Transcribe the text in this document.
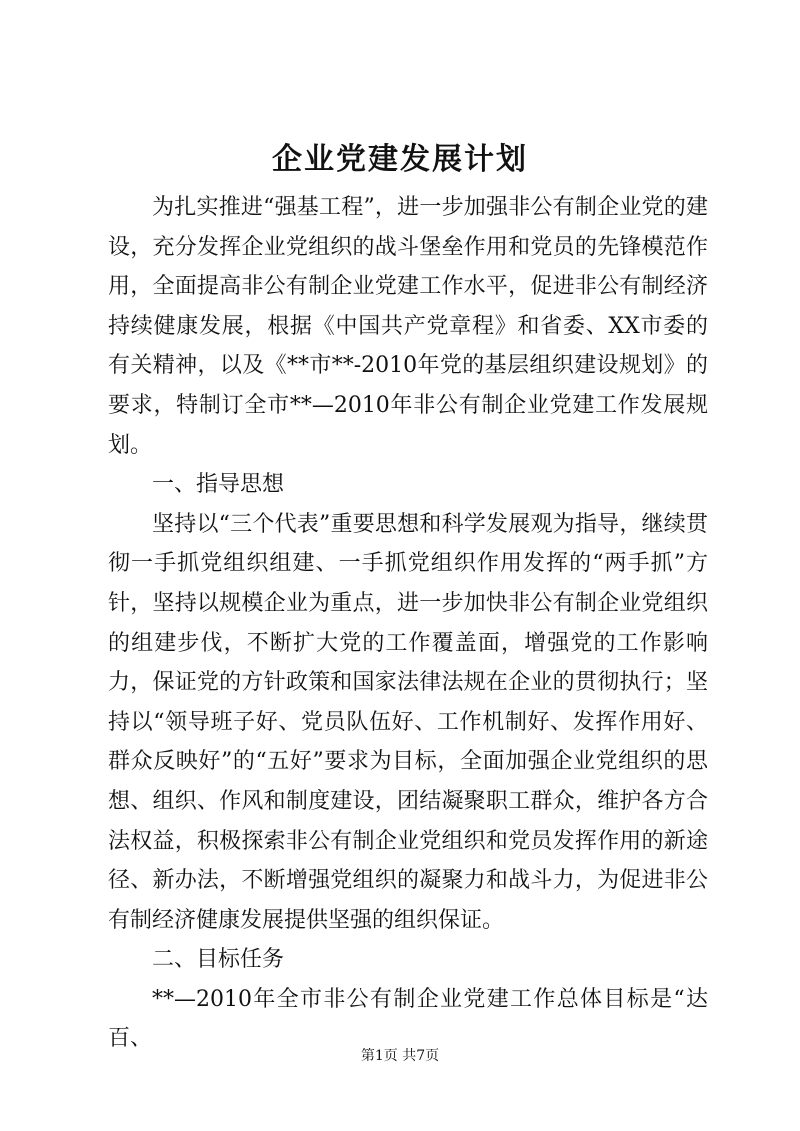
企业党建发展计划

为扎实推进“强基工程”，进一步加强非公有制企业党的建设，充分发挥企业党组织的战斗堡垒作用和党员的先锋模范作用，全面提高非公有制企业党建工作水平，促进非公有制经济持续健康发展，根据《中国共产党章程》和省委、XX市委的有关精神，以及《**市**-2010年党的基层组织建设规划》的要求，特制订全市**—2010年非公有制企业党建工作发展规划。

一、指导思想

坚持以“三个代表”重要思想和科学发展观为指导，继续贯彻一手抓党组织组建、一手抓党组织作用发挥的“两手抓”方针，坚持以规模企业为重点，进一步加快非公有制企业党组织的组建步伐，不断扩大党的工作覆盖面，增强党的工作影响力，保证党的方针政策和国家法律法规在企业的贯彻执行；坚持以“领导班子好、党员队伍好、工作机制好、发挥作用好、群众反映好”的“五好”要求为目标，全面加强企业党组织的思想、组织、作风和制度建设，团结凝聚职工群众，维护各方合法权益，积极探索非公有制企业党组织和党员发挥作用的新途径、新办法，不断增强党组织的凝聚力和战斗力，为促进非公有制经济健康发展提供坚强的组织保证。

二、目标任务

**—2010年全市非公有制企业党建工作总体目标是“达百、

第1页 共7页
